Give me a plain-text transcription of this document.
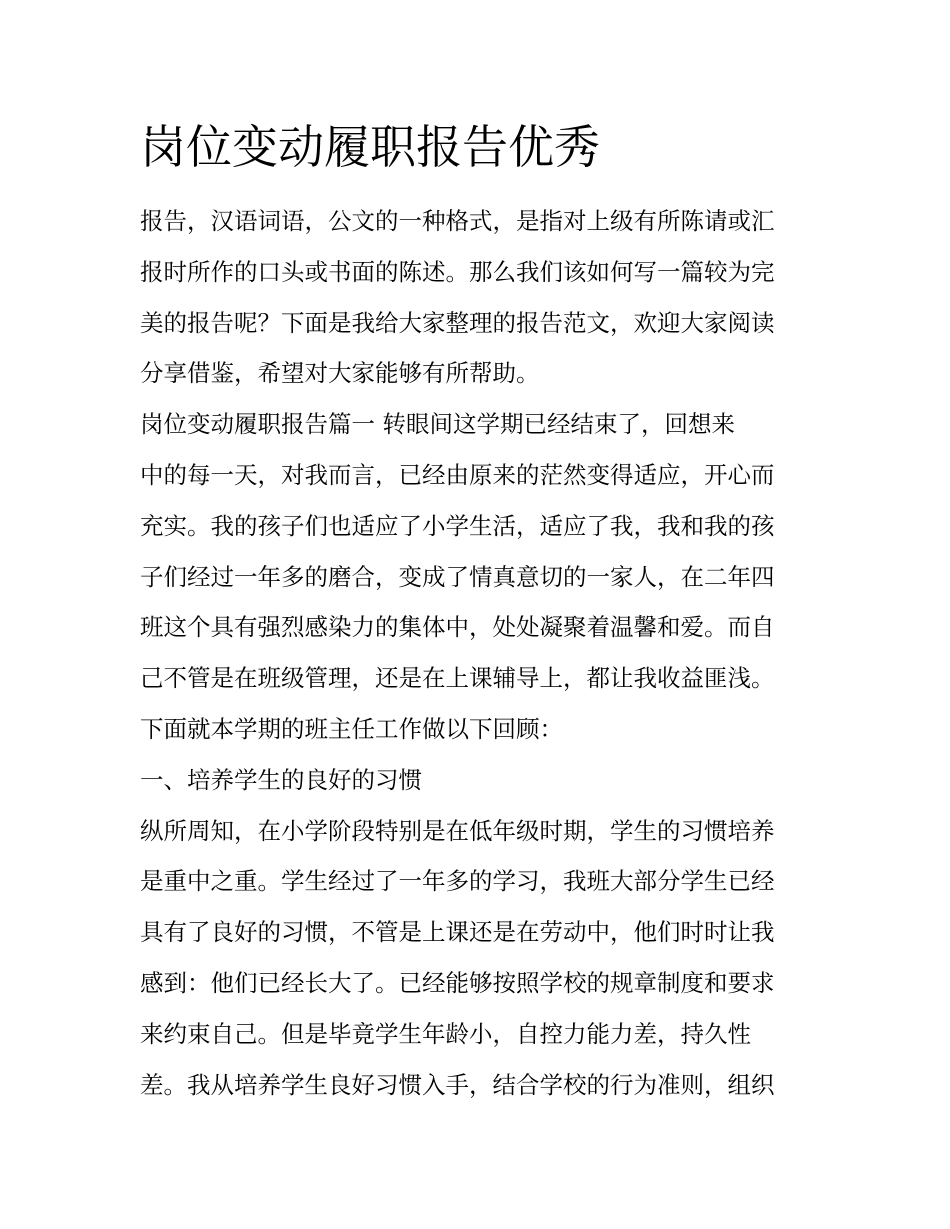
岗位变动履职报告优秀
报告，汉语词语，公文的一种格式，是指对上级有所陈请或汇
报时所作的口头或书面的陈述。那么我们该如何写一篇较为完
美的报告呢？下面是我给大家整理的报告范文，欢迎大家阅读
分享借鉴，希望对大家能够有所帮助。
岗位变动履职报告篇一 转眼间这学期已经结束了，回想来
中的每一天，对我而言，已经由原来的茫然变得适应，开心而
充实。我的孩子们也适应了小学生活，适应了我，我和我的孩
子们经过一年多的磨合，变成了情真意切的一家人，在二年四
班这个具有强烈感染力的集体中，处处凝聚着温馨和爱。而自
己不管是在班级管理，还是在上课辅导上，都让我收益匪浅。
下面就本学期的班主任工作做以下回顾：
一、培养学生的良好的习惯
纵所周知，在小学阶段特别是在低年级时期，学生的习惯培养
是重中之重。学生经过了一年多的学习，我班大部分学生已经
具有了良好的习惯，不管是上课还是在劳动中，他们时时让我
感到：他们已经长大了。已经能够按照学校的规章制度和要求
来约束自己。但是毕竟学生年龄小，自控力能力差，持久性
差。我从培养学生良好习惯入手，结合学校的行为准则，组织
